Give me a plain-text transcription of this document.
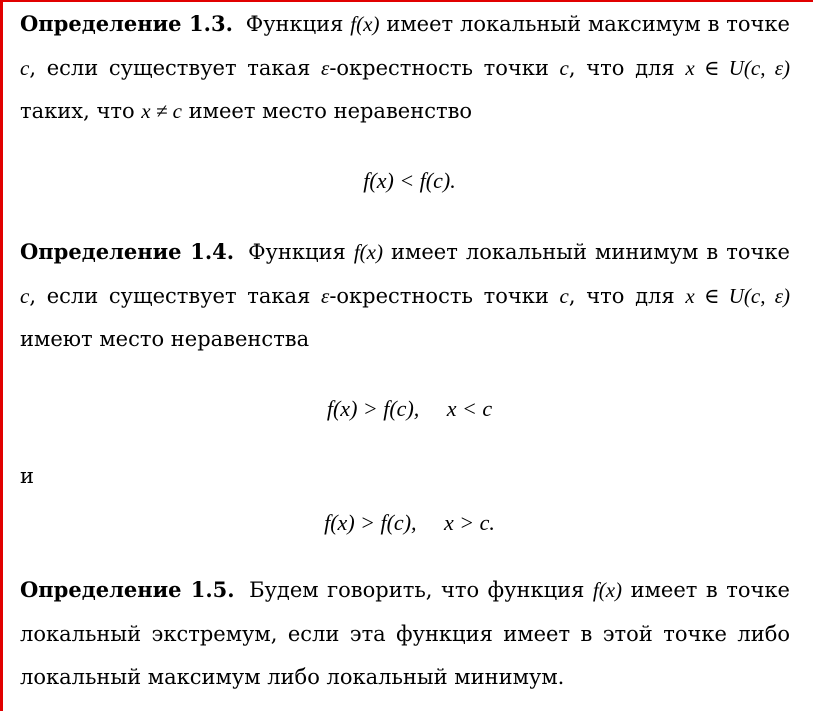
Определение 1.3. Функция f(x) имеет локальный максимум в точке c, если существует такая ε-окрестность точки c, что для x ∈ U(c, ε) таких, что x ≠ c имеет место неравенство

f(x) < f(c).

Определение 1.4. Функция f(x) имеет локальный минимум в точке c, если существует такая ε-окрестность точки c, что для x ∈ U(c, ε) имеют место неравенства

f(x) > f(c),     x < c

и

f(x) > f(c),     x > c.

Определение 1.5. Будем говорить, что функция f(x) имеет в точке локальный экстремум, если эта функция имеет в этой точке либо локальный максимум либо локальный минимум.
